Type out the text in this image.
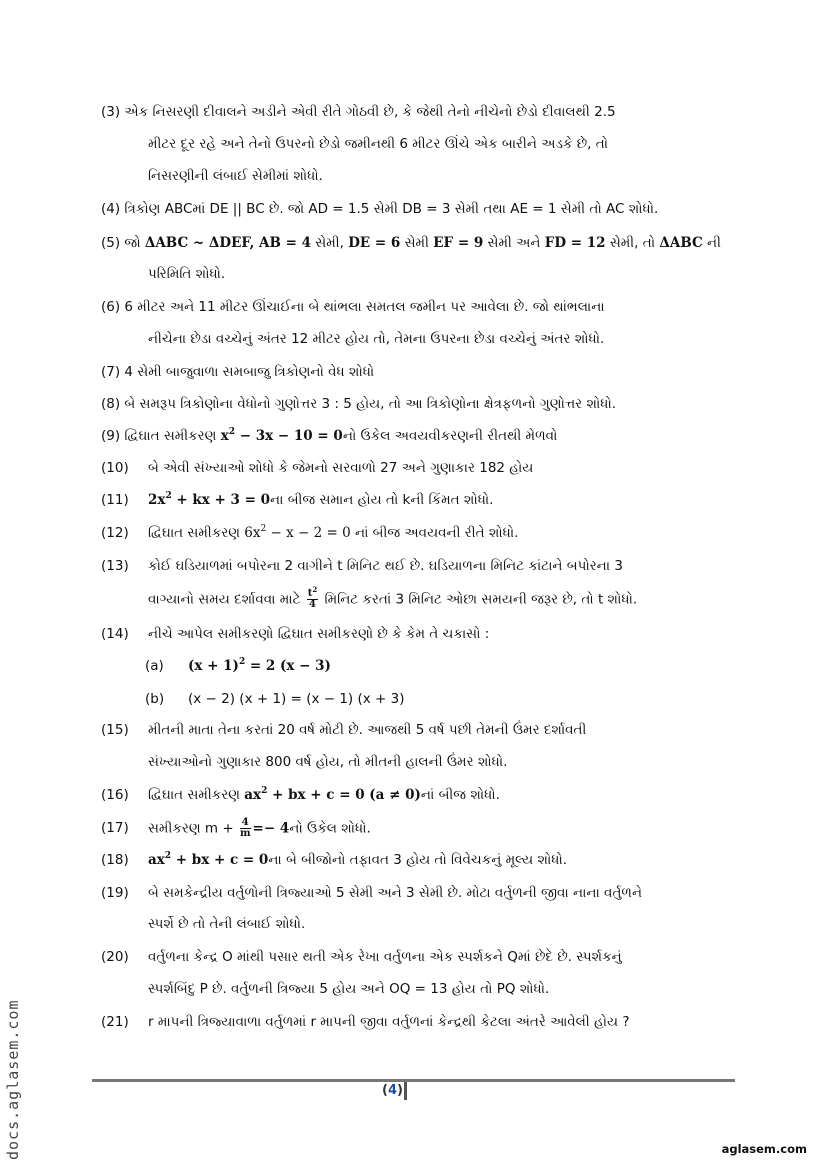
(3) એક નિસરણી દીવાલને અડીને એવી રીતે ગોઠવી છે, કે જેથી તેનો નીચેનો છેડો દીવાલથી 2.5
મીટર દૂર રહે અને તેનો ઉપરનો છેડો જમીનથી 6 મીટર ઊંચે એક બારીને અડકે છે, તો
નિસરણીની લંબાઈ સેમીમાં શોધો.
(4) ત્રિકોણ ABCમાં DE || BC છે. જો AD = 1.5 સેમી DB = 3 સેમી તથા AE = 1 સેમી તો AC શોધો.
(5) જો ΔABC ~ ΔDEF, AB = 4 સેમી, DE = 6 સેમી EF = 9 સેમી અને FD = 12 સેમી, તો ΔABC ની
પરિમિતિ શોધો.
(6) 6 મીટર અને 11 મીટર ઊંચાઈના બે થાંભલા સમતલ જમીન પર આવેલા છે. જો થાંભલાના
નીચેના છેડા વચ્ચેનું અંતર 12 મીટર હોય તો, તેમના ઉપરના છેડા વચ્ચેનું અંતર શોધો.
(7) 4 સેમી બાજુવાળા સમબાજુ ત્રિકોણનો વેધ શોધો
(8) બે સમરૂપ ત્રિકોણોના વેધોનો ગુણોત્તર 3 : 5 હોય, તો આ ત્રિકોણોના ક્ષેત્રફળનો ગુણોત્તર શોધો.
(9) દ્વિઘાત સમીકરણ $x^2 - 3x - 10$ = 0નો ઉકેલ અવયવીકરણની રીતથી મેળવો
(10) બે એવી સંખ્યાઓ શોધો કે જેમનો સરવાળો 27 અને ગુણાકાર 182 હોય
(11) $2x^2$ + kx + 3 = 0ના બીજ સમાન હોય તો kની કિંમત શોધો.
(12) દ્વિઘાત સમીકરણ $6x^2 - x - 2 = 0$ નાં બીજ અવયવની રીતે શોધો.
(13) કોઈ ઘડિયાળમાં બપોરના 2 વાગીને t મિનિટ થઈ છે. ઘડિયાળના મિનિટ કાંટાને બપોરના 3
વાગ્યાનો સમય દર્શાવવા માટે $\frac{t^2}{4}$ મિનિટ કરતાં 3 મિનિટ ઓછા સમયની જરૂર છે, તો t શોધો.
(14) નીચે આપેલ સમીકરણો દ્વિઘાત સમીકરણો છે કે કેમ તે ચકાસો :
(a) $(x + 1)^2 = 2$ (x − 3)
(b) (x − 2) (x + 1) = (x − 1) (x + 3)
(15) મીતની માતા તેના કરતાં 20 વર્ષ મોટી છે. આજથી 5 વર્ષ પછી તેમની ઉંમર દર્શાવતી
સંખ્યાઓનો ગુણાકાર 800 વર્ષ હોય, તો મીતની હાલની ઉંમર શોધો.
(16) દ્વિઘાત સમીકરણ $ax^2$ + bx + c = 0 (a ≠ 0)નાં બીજ શોધો.
(17) સમીકરણ $m + \frac{4}{m}$ =− 4નો ઉકેલ શોધો.
(18) $ax^2$ + bx + c = 0ના બે બીજોનો તફાવત 3 હોય તો વિવેચકનું મૂલ્ય શોધો.
(19) બે સમકેન્દ્રીય વર્તુળોની ત્રિજ્યાઓ 5 સેમી અને 3 સેમી છે. મોટા વર્તુળની જીવા નાના વર્તુળને
સ્પર્શે છે તો તેની લંબાઈ શોધો.
(20) વર્તુળના કેન્દ્ર O માંથી પસાર થતી એક રેખા વર્તુળના એક સ્પર્શકને Qમાં છેદે છે. સ્પર્શકનું
સ્પર્શબિંદુ P છે. વર્તુળની ત્રિજ્યા 5 હોય અને OQ = 13 હોય તો PQ શોધો.
(21) r માપની ત્રિજ્યાવાળા વર્તુળમાં r માપની જીવા વર્તુળનાં કેન્દ્રથી કેટલા અંતરે આવેલી હોય ?
(4)
docs.aglasem.com	aglasem.com
